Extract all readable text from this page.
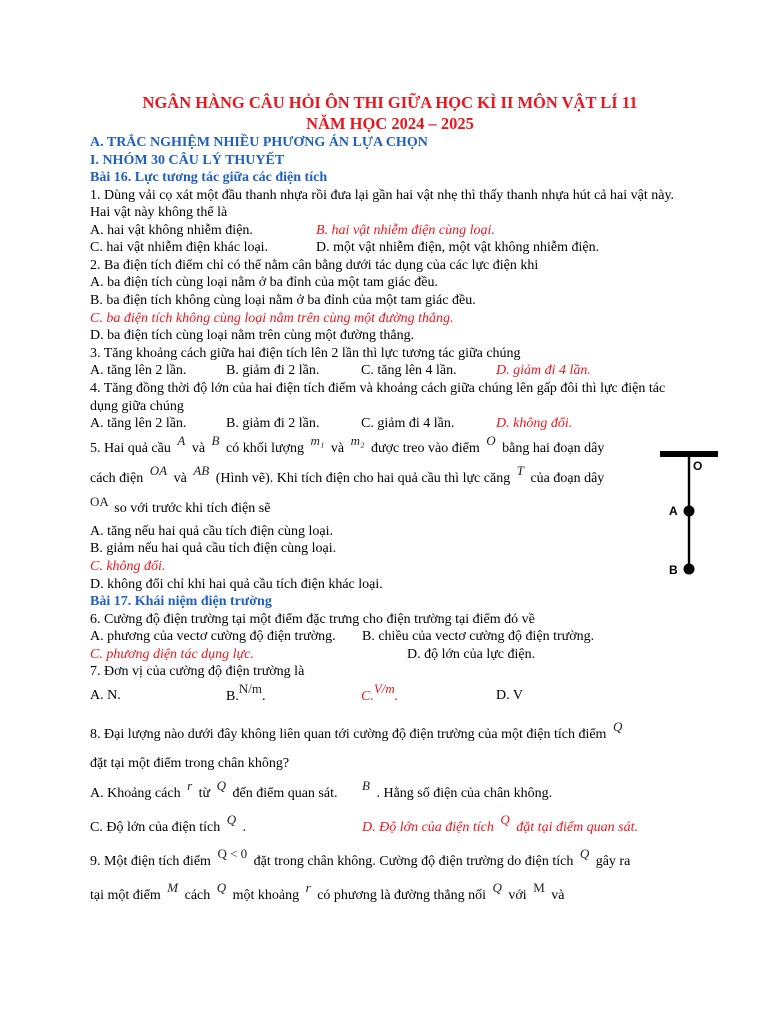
NGÂN HÀNG CÂU HỎI ÔN THI GIỮA HỌC KÌ II MÔN VẬT LÍ 11
NĂM HỌC 2024 – 2025
A. TRẮC NGHIỆM NHIỀU PHƯƠNG ÁN LỰA CHỌN
I. NHÓM 30 CÂU LÝ THUYẾT
Bài 16. Lực tương tác giữa các điện tích
1. Dùng vải cọ xát một đầu thanh nhựa rồi đưa lại gần hai vật nhẹ thì thấy thanh nhựa hút cả hai vật này. Hai vật này không thể là
A. hai vật không nhiễm điện.	B. hai vật nhiễm điện cùng loại.
C. hai vật nhiễm điện khác loại.	D. một vật nhiễm điện, một vật không nhiễm điện.
2. Ba điện tích điểm chỉ có thể nằm cân bằng dưới tác dụng của các lực điện khi
A. ba điện tích cùng loại nằm ở ba đỉnh của một tam giác đều.
B. ba điện tích không cùng loại nằm ở ba đỉnh của một tam giác đều.
C. ba điện tích không cùng loại nằm trên cùng một đường thẳng.
D. ba điện tích cùng loại nằm trên cùng một đường thẳng.
3. Tăng khoảng cách giữa hai điện tích lên 2 lần thì lực tương tác giữa chúng
A. tăng lên 2 lần.	B. giảm đi 2 lần.	C. tăng lên 4 lần.	D. giảm đi 4 lần.
4. Tăng đồng thời độ lớn của hai điện tích điểm và khoảng cách giữa chúng lên gấp đôi thì lực điện tác dụng giữa chúng
A. tăng lên 2 lần.	B. giảm đi 2 lần.	C. giảm đi 4 lần.	D. không đổi.
5. Hai quả cầu A và B có khối lượng m₁ và m₂ được treo vào điểm O bằng hai đoạn dây
cách điện OA và AB (Hình vẽ). Khi tích điện cho hai quả cầu thì lực căng T của đoạn dây
OA so với trước khi tích điện sẽ
A. tăng nếu hai quả cầu tích điện cùng loại.
B. giảm nếu hai quả cầu tích điện cùng loại.
C. không đổi.
D. không đổi chỉ khi hai quả cầu tích điện khác loại.
Bài 17. Khái niệm điện trường
6. Cường độ điện trường tại một điểm đặc trưng cho điện trường tại điểm đó về
A. phương của vectơ cường độ điện trường.	B. chiều của vectơ cường độ điện trường.
C. phương diện tác dụng lực.	D. độ lớn của lực điện.
7. Đơn vị của cường độ điện trường là
A. N.	B.N/m.	C.V/m.	D. V
8. Đại lượng nào dưới đây không liên quan tới cường độ điện trường của một điện tích điểm Q
đặt tại một điểm trong chân không?
A. Khoảng cách r từ Q đến điểm quan sát.
B . Hằng số điện của chân không.
C. Độ lớn của điện tích Q .	D. Độ lớn của điện tích Q đặt tại điểm quan sát.
9. Một điện tích điểm Q < 0 đặt trong chân không. Cường độ điện trường do điện tích Q gây ra
tại một điểm M cách Q một khoảng r có phương là đường thẳng nối Q với M và
O
A
B
